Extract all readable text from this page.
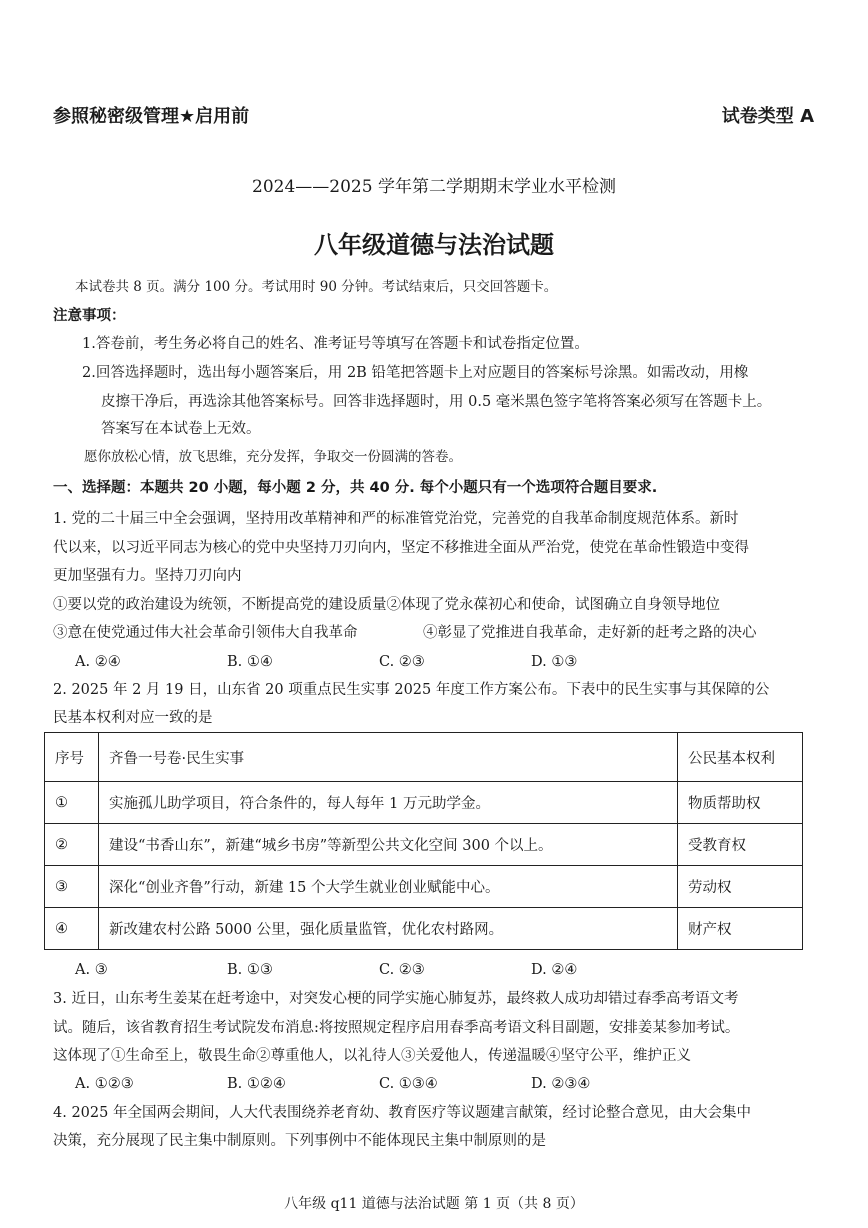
参照秘密级管理★启用前	试卷类型 A
2024——2025 学年第二学期期末学业水平检测
八年级道德与法治试题
本试卷共 8 页。满分 100 分。考试用时 90 分钟。考试结束后，只交回答题卡。
注意事项：
1.答卷前，考生务必将自己的姓名、准考证号等填写在答题卡和试卷指定位置。
2.回答选择题时，选出每小题答案后，用 2B 铅笔把答题卡上对应题目的答案标号涂黑。如需改动，用橡
皮擦干净后，再选涂其他答案标号。回答非选择题时，用 0.5 毫米黑色签字笔将答案必须写在答题卡上。
答案写在本试卷上无效。
愿你放松心情，放飞思维，充分发挥，争取交一份圆满的答卷。
一、选择题：本题共 20 小题，每小题 2 分，共 40 分. 每个小题只有一个选项符合题目要求.
1. 党的二十届三中全会强调，坚持用改革精神和严的标准管党治党，完善党的自我革命制度规范体系。新时
代以来，以习近平同志为核心的党中央坚持刀刃向内，坚定不移推进全面从严治党，使党在革命性锻造中变得
更加坚强有力。坚持刀刃向内
①要以党的政治建设为统领，不断提高党的建设质量②体现了党永葆初心和使命，试图确立自身领导地位
③意在使党通过伟大社会革命引领伟大自我革命	④彰显了党推进自我革命，走好新的赶考之路的决心
A. ②④	B. ①④	C. ②③	D. ①③
2. 2025 年 2 月 19 日，山东省 20 项重点民生实事 2025 年度工作方案公布。下表中的民生实事与其保障的公
民基本权利对应一致的是
序号	齐鲁一号卷·民生实事	公民基本权利
①	实施孤儿助学项目，符合条件的，每人每年 1 万元助学金。	物质帮助权
②	建设“书香山东”，新建“城乡书房”等新型公共文化空间 300 个以上。	受教育权
③	深化“创业齐鲁”行动，新建 15 个大学生就业创业赋能中心。	劳动权
④	新改建农村公路 5000 公里，强化质量监管，优化农村路网。	财产权
A. ③	B. ①③	C. ②③	D. ②④
3. 近日，山东考生姜某在赶考途中，对突发心梗的同学实施心肺复苏，最终救人成功却错过春季高考语文考
试。随后，该省教育招生考试院发布消息:将按照规定程序启用春季高考语文科目副题，安排姜某参加考试。
这体现了①生命至上，敬畏生命②尊重他人，以礼待人③关爱他人，传递温暖④坚守公平，维护正义
A. ①②③	B. ①②④	C. ①③④	D. ②③④
4. 2025 年全国两会期间，人大代表围绕养老育幼、教育医疗等议题建言献策，经讨论整合意见，由大会集中
决策，充分展现了民主集中制原则。下列事例中不能体现民主集中制原则的是
八年级 q11 道德与法治试题 第 1 页（共 8 页）
